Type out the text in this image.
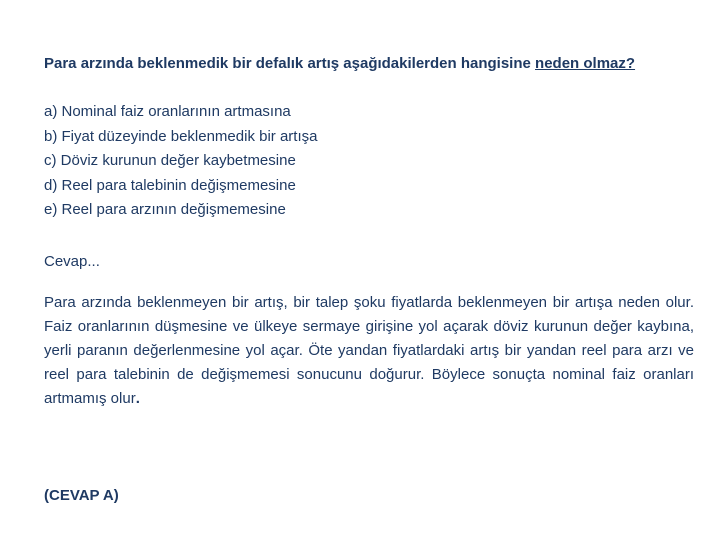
Para arzında beklenmedik bir defalık artış aşağıdakilerden hangisine neden olmaz?

a) Nominal faiz oranlarının artmasına
b) Fiyat düzeyinde beklenmedik bir artışa
c) Döviz kurunun değer kaybetmesine
d) Reel para talebinin değişmemesine
e) Reel para arzının değişmemesine
Cevap...
Para arzında beklenmeyen bir artış, bir talep şoku fiyatlarda beklenmeyen bir artışa neden olur. Faiz oranlarının düşmesine ve ülkeye sermaye girişine yol açarak döviz kurunun değer kaybına, yerli paranın değerlenmesine yol açar. Öte yandan fiyatlardaki artış bir yandan reel para arzı ve reel para talebinin de değişmemesi sonucunu doğurur. Böylece sonuçta nominal faiz oranları artmamış olur.
(CEVAP A)
